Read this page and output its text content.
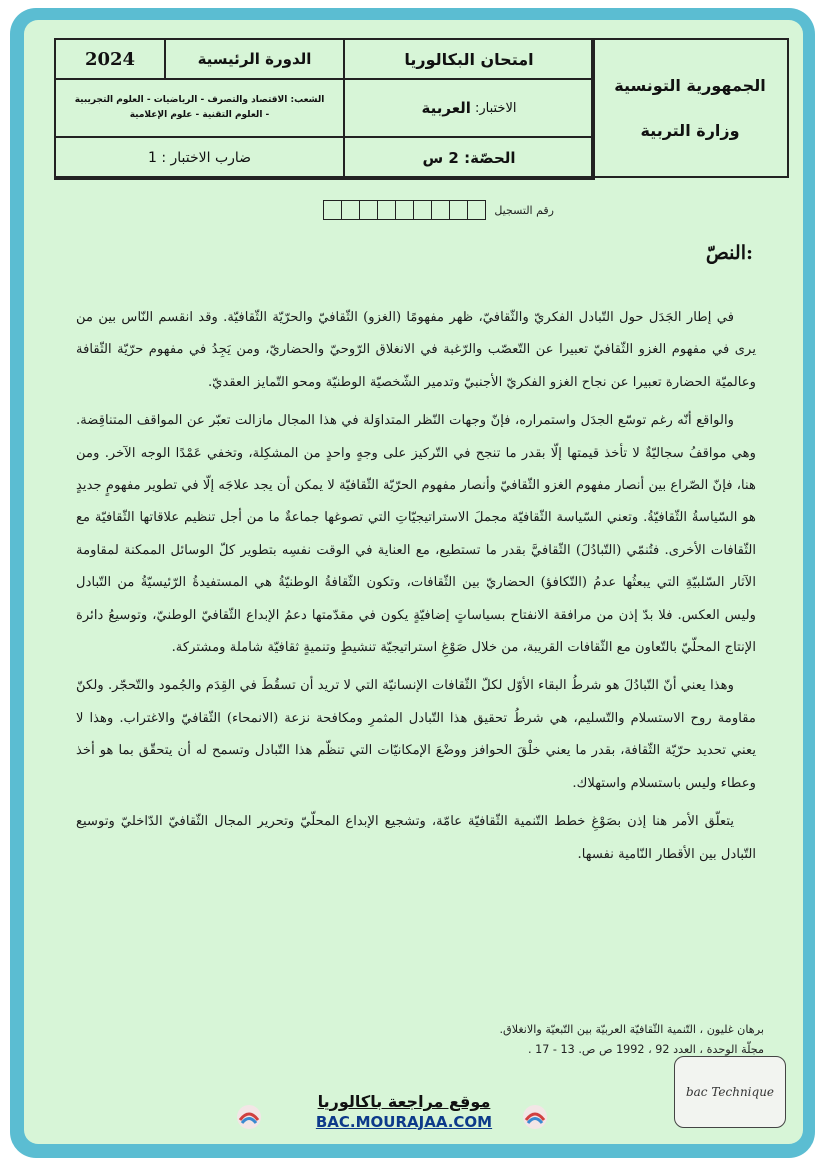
الجمهورية التونسية
وزارة التربية
امتحان البكالوريا
الاختبار:
العربية
الحصّة: 2 س
2024	الدورة الرئيسية
الشعب: الاقتصاد والتصرف - الرياضيات - العلوم التجريبية
- العلوم التقنية - علوم الإعلامية
ضارب الاختبار : 1
رقم التسجيل
النصّ:

في إطار الجَدَل حول التّبادل الفكريّ والثّقافيّ، ظهر مفهومًا (الغزو) الثّقافيّ والحرّيّة الثّقافيّة. وقد انقسم النّاس بين من يرى في مفهوم الغزو الثّقافيّ تعبيرا عن التّعصّب والرّغبة في الانغلاق الرّوحيّ والحضاريّ، ومن يَجِدُ في مفهوم حرّيّة الثّقافة وعالميّة الحضارة تعبيرا عن نجاح الغزو الفكريّ الأجنبيّ وتدمير الشّخصيّة الوطنيّة ومحو التّمايز العقديّ.

والواقع أنّه رغم توسّع الجدَل واستمراره، فإنّ وجهات النّظر المتداوَلة في هذا المجال مازالت تعبّر عن المواقف المتناقِضة. وهي مواقفُ سجاليّةٌ لا تأخذ قيمتها إلّا بقدر ما تنجح في التّركيز على وجهٍ واحدٍ من المشكِلة، وتخفي عَمْدًا الوجه الآخر. ومن هنا، فإنّ الصّراع بين أنصار مفهوم الغزو الثّقافيّ وأنصار مفهوم الحرّيّة الثّقافيّة لا يمكن أن يجد علاجَه إلّا في تطوير مفهومٍ جديدٍ هو السّياسةُ الثّقافيّةُ. وتعني السّياسة الثّقافيّة مجملَ الاستراتيجيّاتِ التي تصوغها جماعةٌ ما من أجل تنظيم علاقاتها الثّقافيّة مع الثّقافات الأخرى. فتُنمّي (التّبادُلَ) الثّقافيَّ بقدر ما تستطيع، مع العناية في الوقت نفسِه بتطوير كلّ الوسائل الممكنة لمقاومة الآثار السّلبيّةِ التي يبعثُها عدمُ (التّكافؤ) الحضاريّ بين الثّقافات، وتكون الثّقافةُ الوطنيّةُ هي المستفيدةُ الرّئيسيّةُ من التّبادل وليس العكس. فلا بدّ إذن من مرافقة الانفتاح بسياساتٍ إضافيّةٍ يكون في مقدّمتها دعمُ الإبداع الثّقافيّ الوطنيّ، وتوسيعُ دائرة الإنتاج المحلّيّ بالتّعاون مع الثّقافات القريبة، من خلال صَوْغِ استراتيجيّة تنشيطٍ وتنميةٍ ثقافيّة شاملة ومشتركة.

وهذا يعني أنّ التّبادُلَ هو شرطُ البقاء الأوّل لكلّ الثّقافات الإنسانيّة التي لا تريد أن تسقُطَ في القِدَم والجُمود والتّحجّر. ولكنّ مقاومة روح الاستسلام والتّسليم، هي شرطُ تحقيق هذا التّبادل المثمرِ ومكافحة نزعة (الانمحاء) الثّقافيّ والاغتراب. وهذا لا يعني تحديد حرّيّة الثّقافة، بقدر ما يعني خلْقَ الحوافز ووضْعَ الإمكانيّات التي تنظّم هذا التّبادل وتسمح له أن يتحقّق بما هو أخذ وعطاء وليس باستسلام واستهلاك.

يتعلّق الأمر هنا إذن بصَوْغِ خطط التّنمية الثّقافيّة عامّة، وتشجيع الإبداع المحلّيّ وتحرير المجال الثّقافيّ الدّاخليّ وتوسيع التّبادل بين الأقطار النّامية نفسها.

برهان غليون ، التّنمية الثّقافيّة العربيّة بين التّبعيّة والانغلاق.
مجلّة الوحدة ، العدد 92 ، 1992 ص ص. 13 - 17 .
موقع مراجعة باكالوريا
BAC.MOURAJAA.COM
bac Technique
